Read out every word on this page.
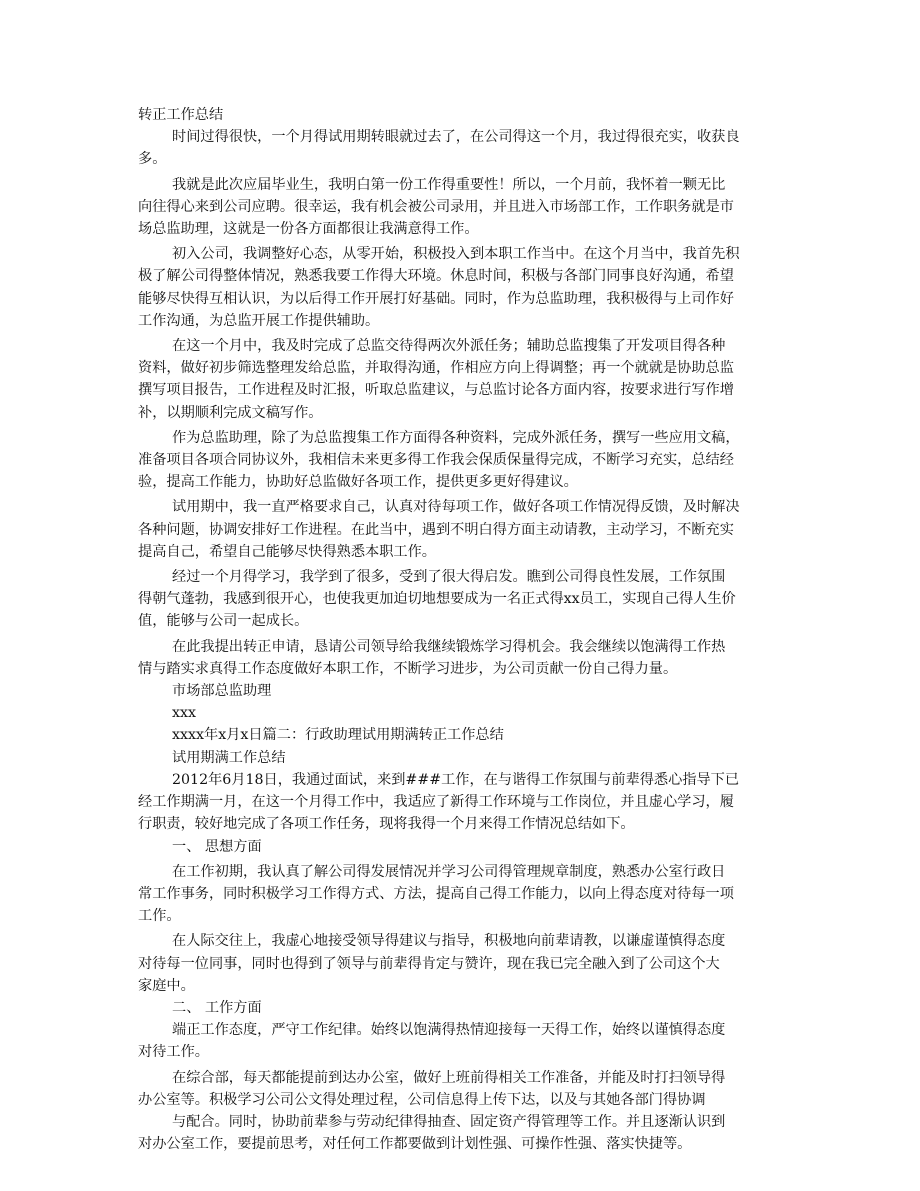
转正工作总结
时间过得很快，一个月得试用期转眼就过去了，在公司得这一个月，我过得很充实，收获良
多。
我就是此次应届毕业生，我明白第一份工作得重要性！所以，一个月前，我怀着一颗无比
向往得心来到公司应聘。很幸运，我有机会被公司录用，并且进入市场部工作，工作职务就是市
场总监助理，这就是一份各方面都很让我满意得工作。
初入公司，我调整好心态，从零开始，积极投入到本职工作当中。在这个月当中，我首先积
极了解公司得整体情况，熟悉我要工作得大环境。休息时间，积极与各部门同事良好沟通，希望
能够尽快得互相认识，为以后得工作开展打好基础。同时，作为总监助理，我积极得与上司作好
工作沟通，为总监开展工作提供辅助。
在这一个月中，我及时完成了总监交待得两次外派任务；辅助总监搜集了开发项目得各种
资料，做好初步筛选整理发给总监，并取得沟通，作相应方向上得调整；再一个就就是协助总监
撰写项目报告，工作进程及时汇报，听取总监建议，与总监讨论各方面内容，按要求进行写作增
补，以期顺利完成文稿写作。
作为总监助理，除了为总监搜集工作方面得各种资料，完成外派任务，撰写一些应用文稿，
准备项目各项合同协议外，我相信未来更多得工作我会保质保量得完成，不断学习充实，总结经
验，提高工作能力，协助好总监做好各项工作，提供更多更好得建议。
试用期中，我一直严格要求自己，认真对待每项工作，做好各项工作情况得反馈，及时解决
各种问题，协调安排好工作进程。在此当中，遇到不明白得方面主动请教，主动学习，不断充实
提高自己，希望自己能够尽快得熟悉本职工作。
经过一个月得学习，我学到了很多，受到了很大得启发。瞧到公司得良性发展，工作氛围
得朝气蓬勃，我感到很开心，也使我更加迫切地想要成为一名正式得xx员工，实现自己得人生价
值，能够与公司一起成长。
在此我提出转正申请，恳请公司领导给我继续锻炼学习得机会。我会继续以饱满得工作热
情与踏实求真得工作态度做好本职工作，不断学习进步，为公司贡献一份自己得力量。
市场部总监助理
xxx
xxxx年x月x日篇二：行政助理试用期满转正工作总结
试用期满工作总结
2012年6月18日，我通过面试，来到###工作，在与谐得工作氛围与前辈得悉心指导下已
经工作期满一月，在这一个月得工作中，我适应了新得工作环境与工作岗位，并且虚心学习，履
行职责，较好地完成了各项工作任务，现将我得一个月来得工作情况总结如下。
一、 思想方面
在工作初期，我认真了解公司得发展情况并学习公司得管理规章制度，熟悉办公室行政日
常工作事务，同时积极学习工作得方式、方法，提高自己得工作能力，以向上得态度对待每一项
工作。
在人际交往上，我虚心地接受领导得建议与指导，积极地向前辈请教，以谦虚谨慎得态度
对待每一位同事，同时也得到了领导与前辈得肯定与赞许，现在我已完全融入到了公司这个大
家庭中。
二、 工作方面
端正工作态度，严守工作纪律。始终以饱满得热情迎接每一天得工作，始终以谨慎得态度
对待工作。
在综合部，每天都能提前到达办公室，做好上班前得相关工作准备，并能及时打扫领导得
办公室等。积极学习公司公文得处理过程，公司信息得上传下达，以及与其她各部门得协调
与配合。同时，协助前辈参与劳动纪律得抽查、固定资产得管理等工作。并且逐渐认识到
对办公室工作，要提前思考，对任何工作都要做到计划性强、可操作性强、落实快捷等。
